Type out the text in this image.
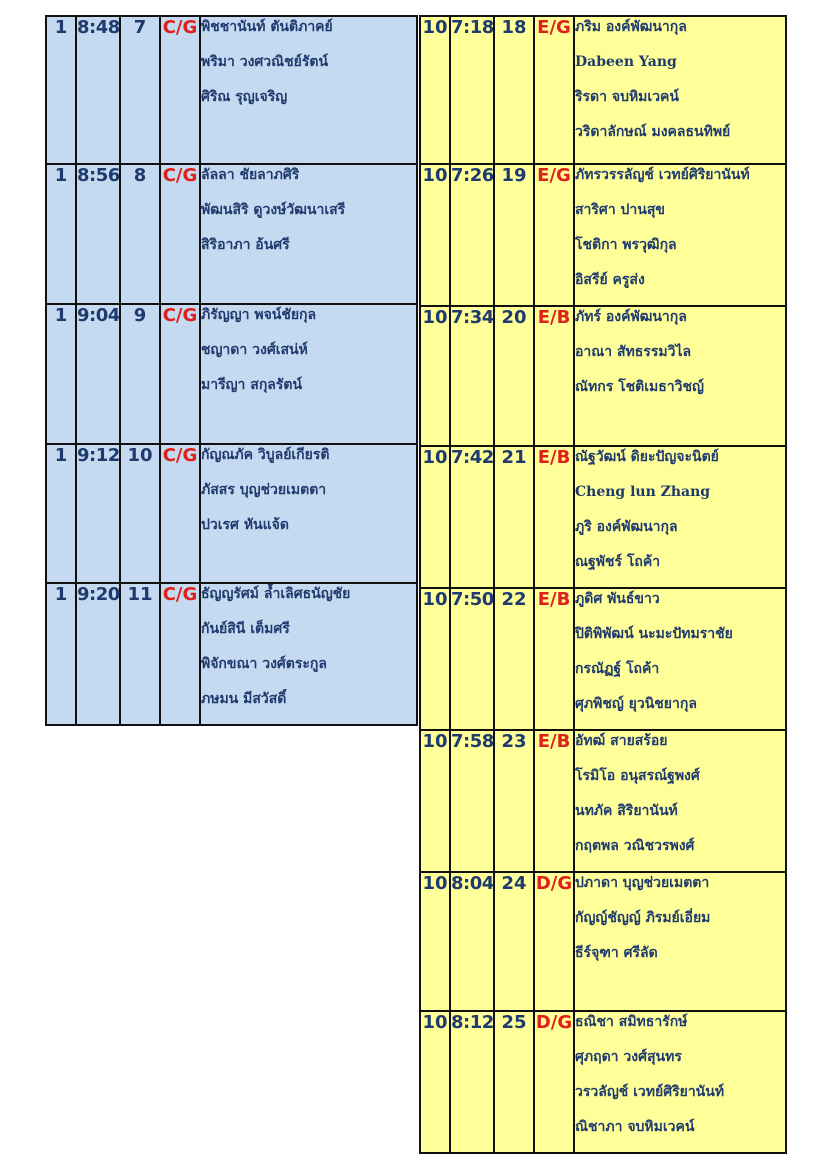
1	8:48	7	C/G	พิชชานันท์ ตันติภาคย์
พริมา วงศวณิชย์รัตน์
ศิริณ รุญเจริญ

1	8:56	8	C/G	ลัลลา ชัยลาภศิริ
พัฒนสิริ ดูวงษ์วัฒนาเสรี
สิริอาภา อ้นศรี

1	9:04	9	C/G	ภิรัญญา พจน์ชัยกุล
ชญาดา วงศ์เสน่ห์
มารีญา สกุลรัตน์

1	9:12	10	C/G	กัญณภัค วิบูลย์เกียรติ
ภัสสร บุญช่วยเมตตา
ปวเรศ หันแจ้ด

1	9:20	11	C/G	ธัญญรัศม์ ล้ำเลิศธนัญชัย
กันย์สินี เต็มศรี
พิจักขณา วงศ์ตระกูล
ภษมน มีสวัสดิ์
10	7:18	18	E/G	ภริม องค์พัฒนากุล
Dabeen Yang
ริรดา จบหิมเวคน์
วริดาลักษณ์ มงคลธนทิพย์

10	7:26	19	E/G	ภัทรวรรลัญช์ เวทย์ศิริยานันท์
สาริศา ปานสุข
โชติกา พรวุฒิกุล
อิสรีย์ ครูส่ง

10	7:34	20	E/B	ภัทร์ องค์พัฒนากุล
อาณา สัทธรรมวิไล
ณัทกร โชติเมธาวิชญ์

10	7:42	21	E/B	ณัฐวัฒน์ ดิยะปัญจะนิตย์
Cheng lun Zhang
ภูริ องค์พัฒนากุล
ณฐพัชร์ โถค้า

10	7:50	22	E/B	ภูดิศ พันธ์ขาว
ปิติพิพัฒน์ นะมะปัทมราชัย
กรณัฏฐ์ โถค้า
ศุภพิชญ์ ยุวนิชยากุล

10	7:58	23	E/B	อัทฒ์ สายสร้อย
โรมิโอ อนุสรณ์ฐพงศ์
นทภัค สิริยานันท์
กฤตพล วณิชวรพงศ์

10	8:04	24	D/G	ปภาดา บุญช่วยเมตตา
กัญญ์ชัญญ์ ภิรมย์เอี่ยม
ธีร์จุฑา ศรีลัด

10	8:12	25	D/G	ธณิชา สมิทธารักษ์
ศุภฤดา วงศ์สุนทร
วรวลัญช์ เวทย์ศิริยานันท์
ณิชาภา จบหิมเวคน์
